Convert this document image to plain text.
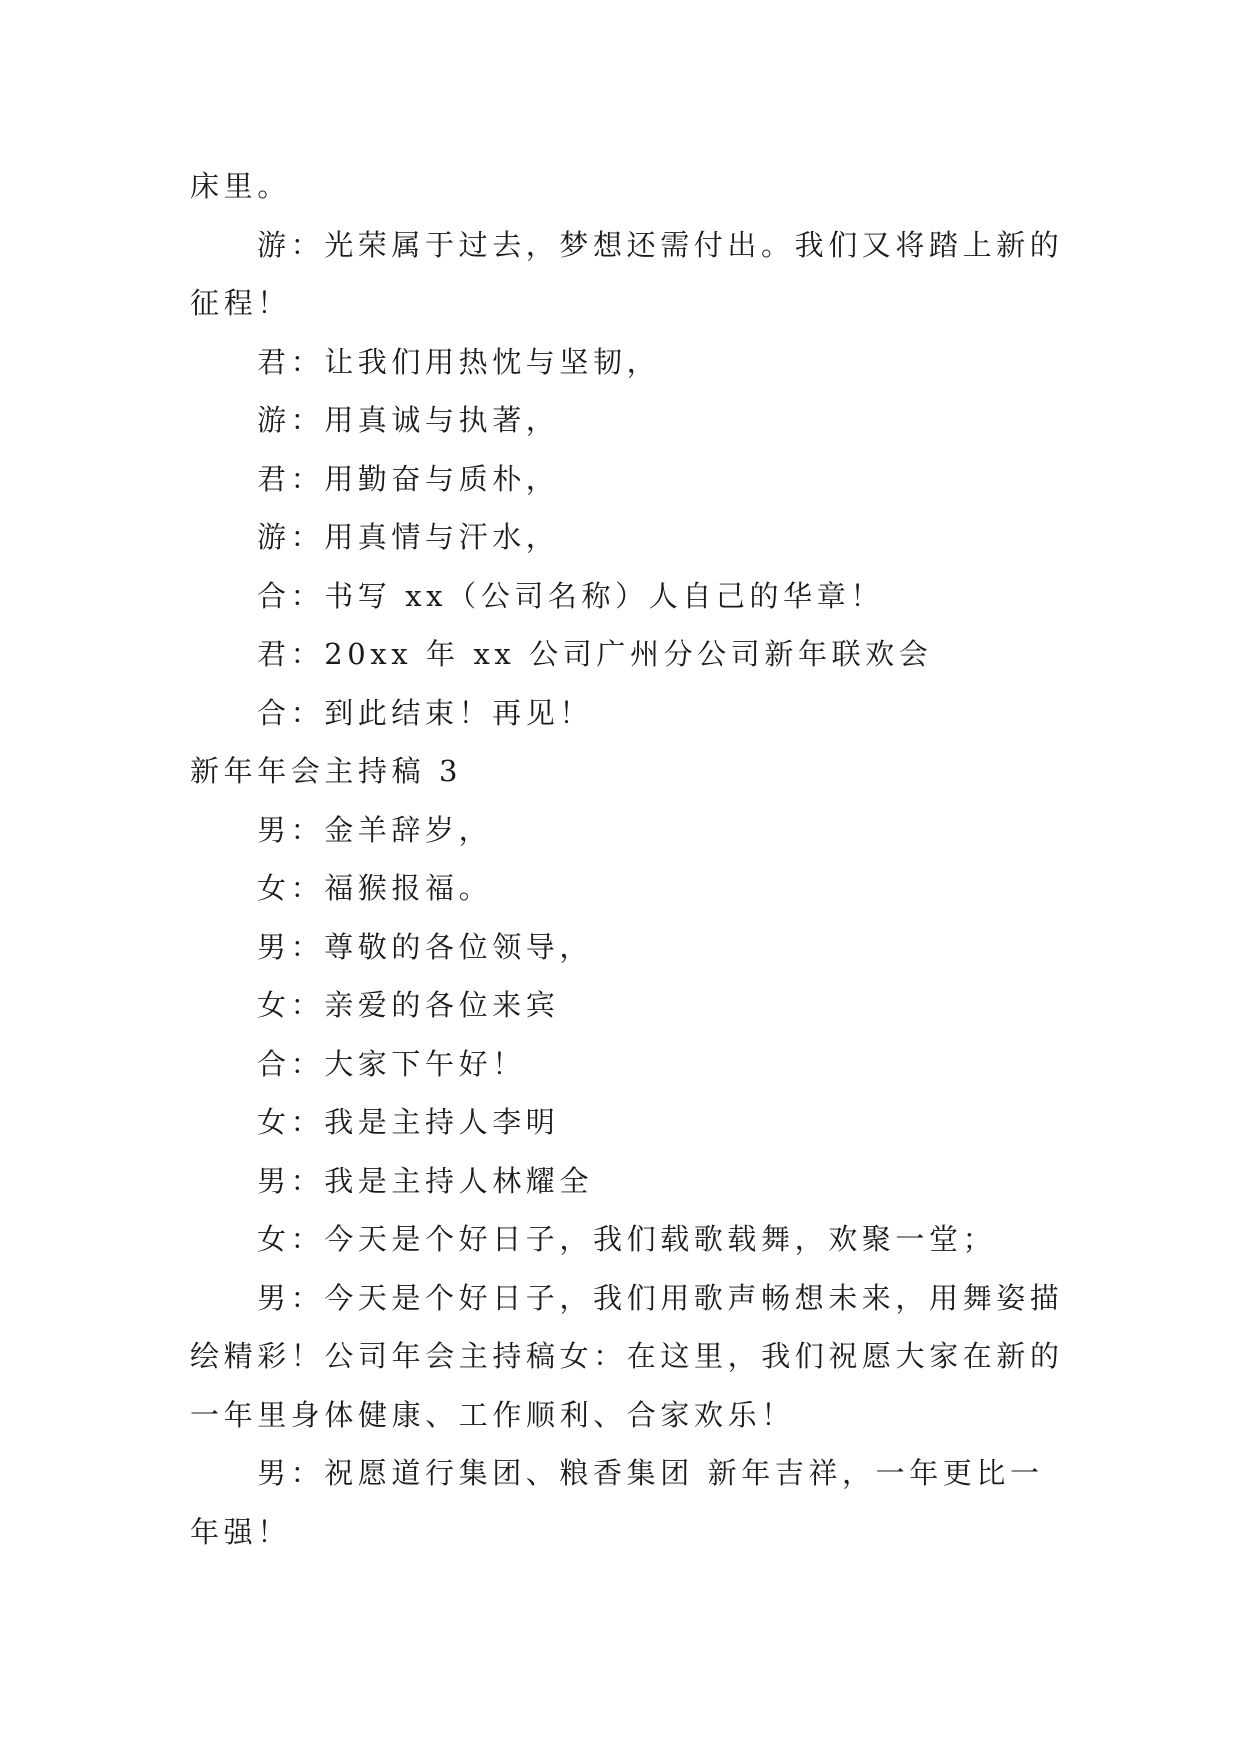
床里。
游：光荣属于过去，梦想还需付出。我们又将踏上新的
征程！
君：让我们用热忱与坚韧，
游：用真诚与执著，
君：用勤奋与质朴，
游：用真情与汗水，
合：书写 xx（公司名称）人自己的华章！
君：20xx 年 xx 公司广州分公司新年联欢会
合：到此结束！再见！
新年年会主持稿 3
男：金羊辞岁，
女：福猴报福。
男：尊敬的各位领导，
女：亲爱的各位来宾
合：大家下午好！
女：我是主持人李明
男：我是主持人林耀全
女：今天是个好日子，我们载歌载舞，欢聚一堂；
男：今天是个好日子，我们用歌声畅想未来，用舞姿描
绘精彩！公司年会主持稿女：在这里，我们祝愿大家在新的
一年里身体健康、工作顺利、合家欢乐！
男：祝愿道行集团、粮香集团 新年吉祥，一年更比一
年强！
